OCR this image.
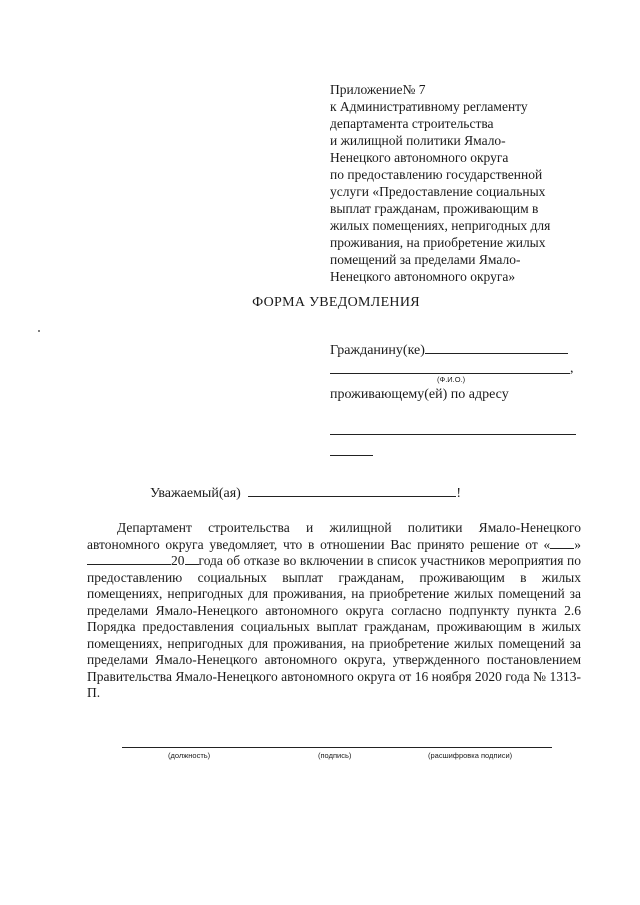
Приложение№ 7
к Административному регламенту
департамента строительства
и жилищной политики Ямало-
Ненецкого автономного округа
по предоставлению государственной
услуги «Предоставление социальных
выплат гражданам, проживающим в
жилых помещениях, непригодных для
проживания, на приобретение жилых
помещений за пределами Ямало-
Ненецкого автономного округа»
ФОРМА УВЕДОМЛЕНИЯ
Гражданину(ке)
,
(Ф.И.О.)
проживающему(ей) по адресу
Уважаемый(ая)	!

Департамент строительства и жилищной политики Ямало-Ненецкого автономного округа уведомляет, что в отношении Вас принято решение от « »20 года об отказе во включении в список участников мероприятия по предоставлению социальных выплат гражданам, проживающим в жилых помещениях, непригодных для проживания, на приобретение жилых помещений за пределами Ямало-Ненецкого автономного округа согласно подпункту пункта 2.6 Порядка предоставления социальных выплат гражданам, проживающим в жилых помещениях, непригодных для проживания, на приобретение жилых помещений за пределами Ямало-Ненецкого автономного округа, утвержденного постановлением Правительства Ямало-Ненецкого автономного округа от 16 ноября 2020 года № 1313-П.

(должность)	(подпись)	(расшифровка подписи)
